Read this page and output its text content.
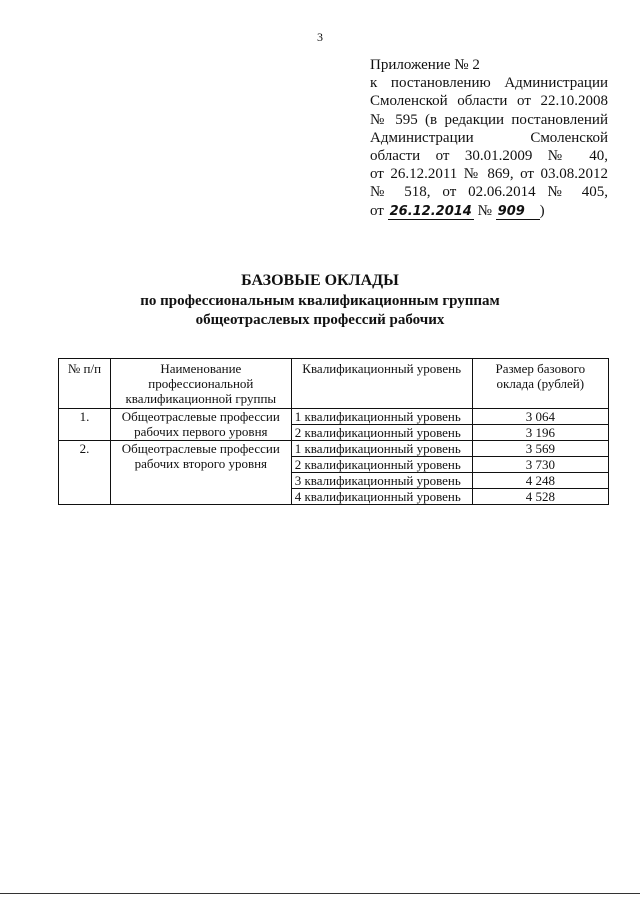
3
Приложение № 2
к постановлению Администрации
Смоленской области от 22.10.2008
№ 595 (в редакции постановлений
Администрации Смоленской
области от 30.01.2009 № 40,
от 26.12.2011 № 869, от 03.08.2012
№ 518, от 02.06.2014 № 405,
от 26.12.2014 № 909 )
БАЗОВЫЕ ОКЛАДЫ
по профессиональным квалификационным группам
общеотраслевых профессий рабочих
№ п/п	Наименование профессиональной квалификационной группы	Квалификационный уровень	Размер базового оклада (рублей)
1.	Общеотраслевые профессии рабочих первого уровня	1 квалификационный уровень	3 064
		2 квалификационный уровень	3 196
2.	Общеотраслевые профессии рабочих второго уровня	1 квалификационный уровень	3 569
		2 квалификационный уровень	3 730
		3 квалификационный уровень	4 248
		4 квалификационный уровень	4 528
